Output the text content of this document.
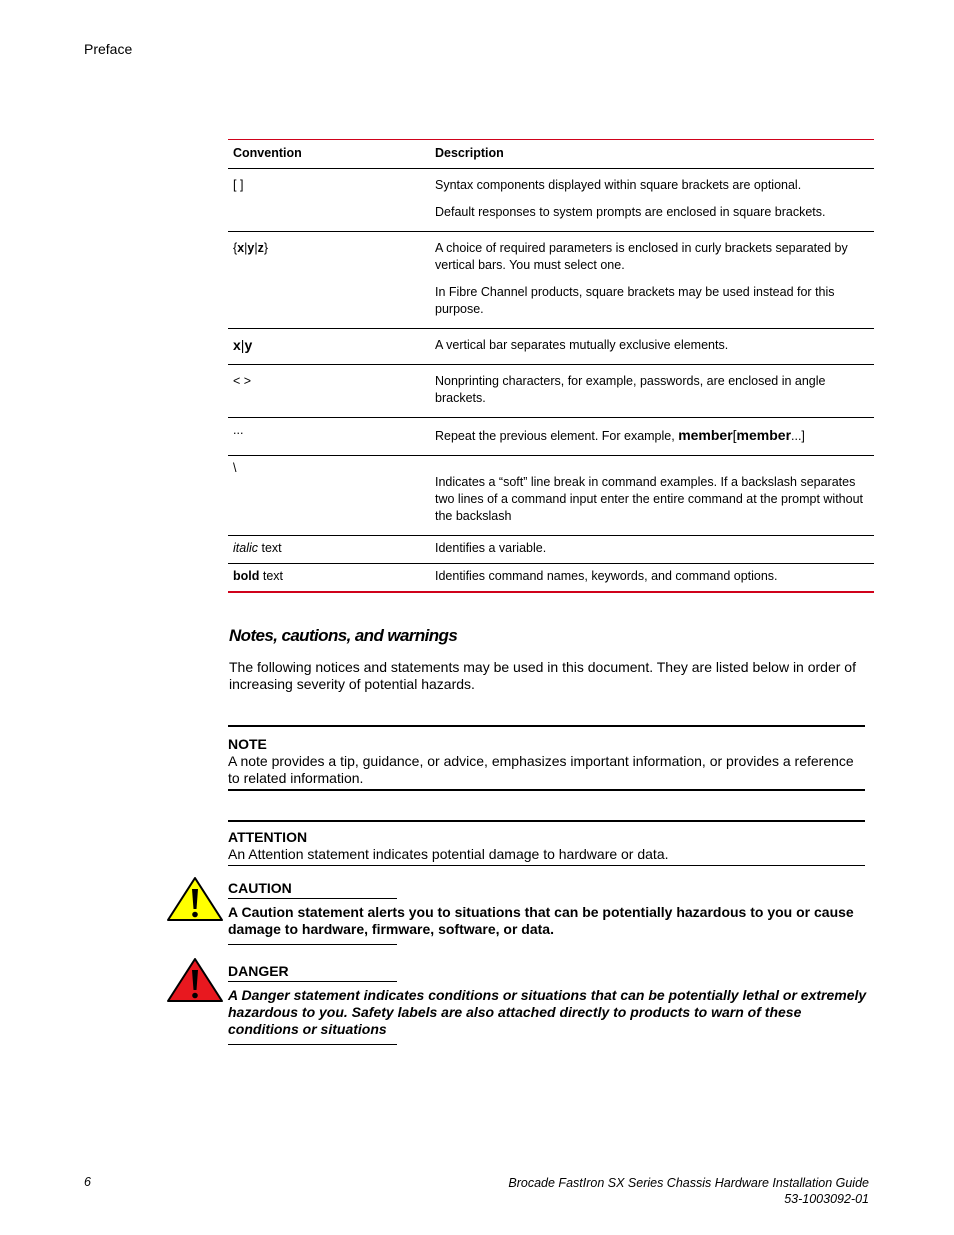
Preface
Convention	Description
[ ]	Syntax components displayed within square brackets are optional.

Default responses to system prompts are enclosed in square brackets.

{x|y|z}	A choice of required parameters is enclosed in curly brackets separated by vertical bars. You must select one.

In Fibre Channel products, square brackets may be used instead for this purpose.

x|y	A vertical bar separates mutually exclusive elements.
< >	Nonprinting characters, for example, passwords, are enclosed in angle brackets.
...	Repeat the previous element. For example, member[member...]
\	Indicates a “soft” line break in command examples. If a backslash separates two lines of a command input enter the entire command at the prompt without the backslash
italic text	Identifies a variable.
bold text	Identifies command names, keywords, and command options.
Notes, cautions, and warnings

The following notices and statements may be used in this document. They are listed below in order of increasing severity of potential hazards.

NOTE
A note provides a tip, guidance, or advice, emphasizes important information, or provides a reference to related information.
ATTENTION
An Attention statement indicates potential damage to hardware or data.
CAUTION
A Caution statement alerts you to situations that can be potentially hazardous to you or cause damage to hardware, firmware, software, or data.
DANGER
A Danger statement indicates conditions or situations that can be potentially lethal or extremely hazardous to you. Safety labels are also attached directly to products to warn of these conditions or situations
6	Brocade FastIron SX Series Chassis Hardware Installation Guide
53-1003092-01
